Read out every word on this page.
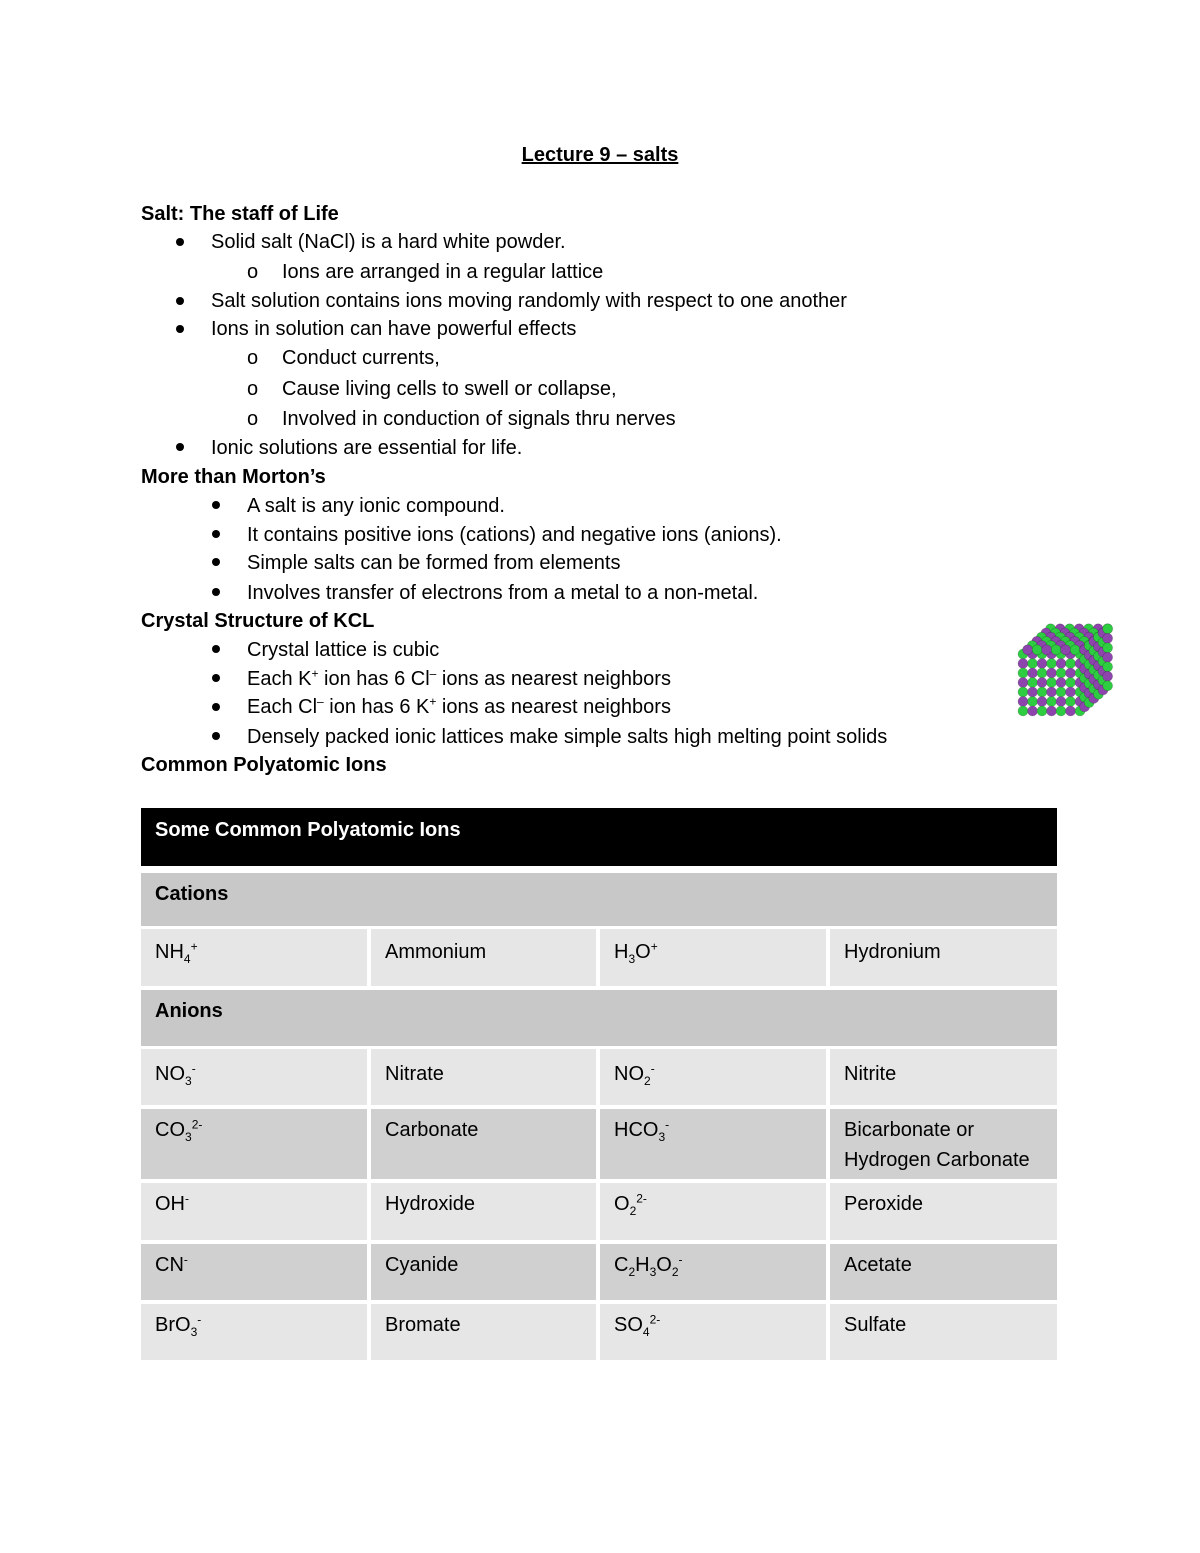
Lecture 9 – salts
Salt: The staff of Life
Solid salt (NaCl) is a hard white powder.
o Ions are arranged in a regular lattice
Salt solution contains ions moving randomly with respect to one another
Ions in solution can have powerful effects
o Conduct currents,
o Cause living cells to swell or collapse,
o Involved in conduction of signals thru nerves
Ionic solutions are essential for life.
More than Morton’s
A salt is any ionic compound.
It contains positive ions (cations) and negative ions (anions).
Simple salts can be formed from elements
Involves transfer of electrons from a metal to a non-metal.
Crystal Structure of KCL
Crystal lattice is cubic
Each K+ ion has 6 Cl– ions as nearest neighbors
Each Cl– ion has 6 K+ ions as nearest neighbors
Densely packed ionic lattices make simple salts high melting point solids
Common Polyatomic Ions
Some Common Polyatomic Ions
Cations
$NH_4^+$	Ammonium	$H_3O^+$	Hydronium
Anions
$NO_3^-$	Nitrate	$NO_2^-$	Nitrite
$CO_3^{2-}$	Carbonate	$HCO_3^-$	Bicarbonate or
Hydrogen Carbonate
OH-	Hydroxide	$O_2^{2-}$	Peroxide
CN-	Cyanide	$C_2H_3O_2^-$	Acetate
BrO$_3$-	Bromate	$SO_4^{2-}$	Sulfate
